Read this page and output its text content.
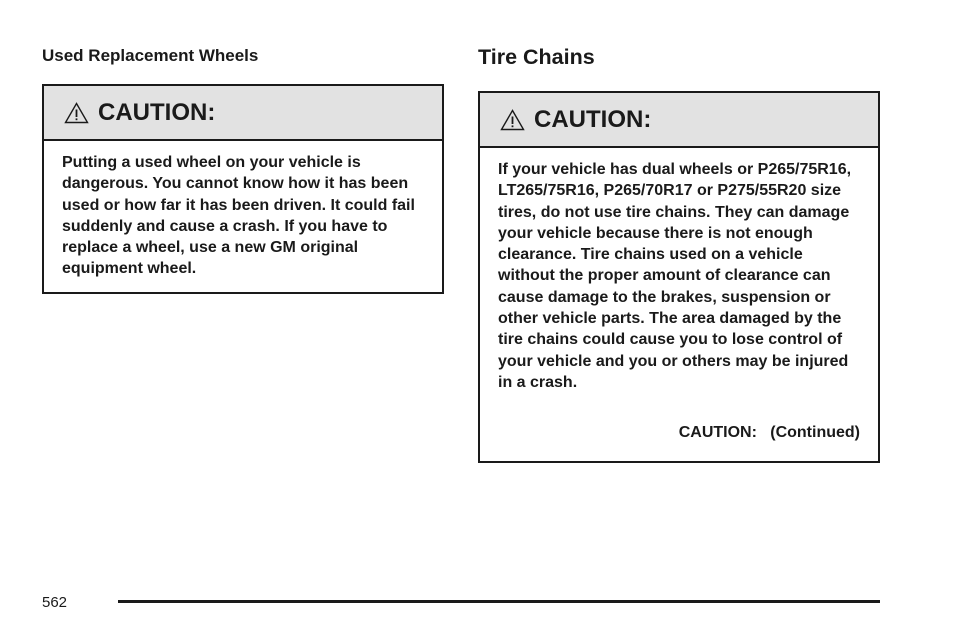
Used Replacement Wheels
CAUTION:
Putting a used wheel on your vehicle is dangerous. You cannot know how it has been used or how far it has been driven. It could fail suddenly and cause a crash. If you have to replace a wheel, use a new GM original equipment wheel.
Tire Chains
CAUTION:
If your vehicle has dual wheels or P265/75R16, LT265/75R16, P265/70R17 or P275/55R20 size tires, do not use tire chains. They can damage your vehicle because there is not enough clearance. Tire chains used on a vehicle without the proper amount of clearance can cause damage to the brakes, suspension or other vehicle parts. The area damaged by the tire chains could cause you to lose control of your vehicle and you or others may be injured in a crash.
CAUTION:   (Continued)
562
